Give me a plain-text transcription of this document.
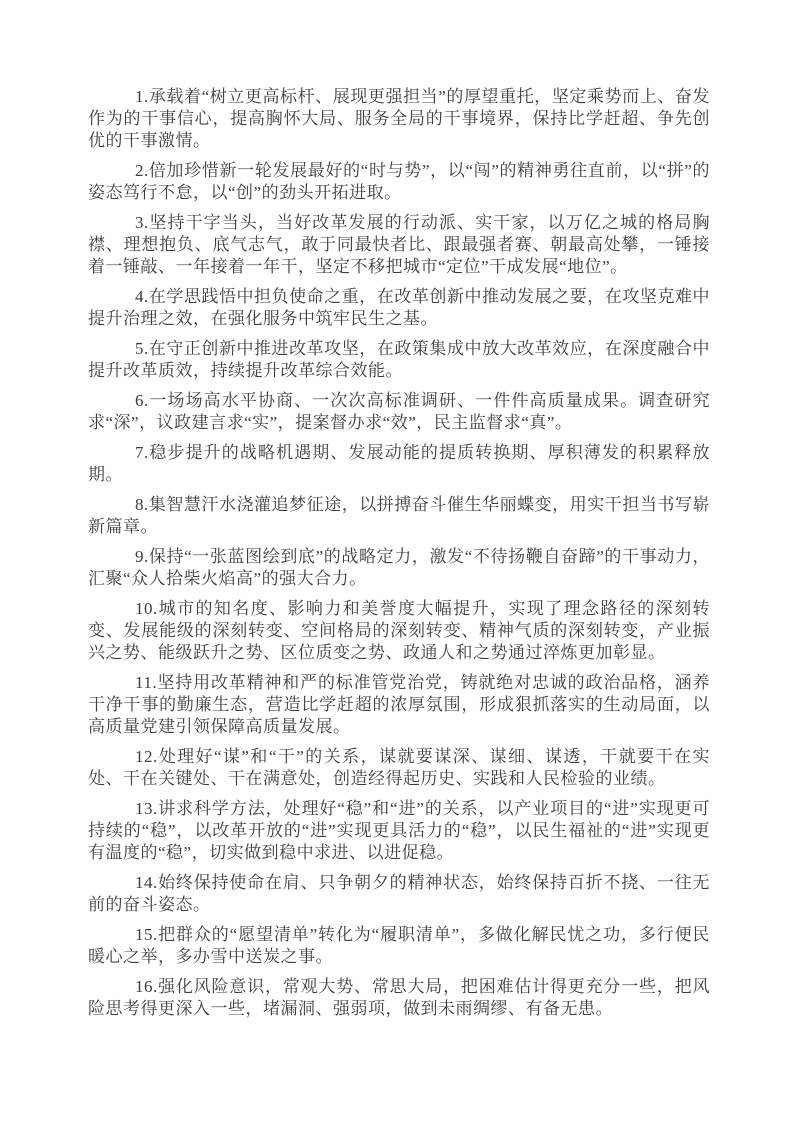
1.承载着“树立更高标杆、展现更强担当”的厚望重托，坚定乘势而上、奋发作为的干事信心，提高胸怀大局、服务全局的干事境界，保持比学赶超、争先创优的干事激情。

2.倍加珍惜新一轮发展最好的“时与势”，以“闯”的精神勇往直前，以“拼”的姿态笃行不怠，以“创”的劲头开拓进取。

3.坚持干字当头，当好改革发展的行动派、实干家，以万亿之城的格局胸襟、理想抱负、底气志气，敢于同最快者比、跟最强者赛、朝最高处攀，一锤接着一锤敲、一年接着一年干，坚定不移把城市“定位”干成发展“地位”。

4.在学思践悟中担负使命之重，在改革创新中推动发展之要，在攻坚克难中提升治理之效，在强化服务中筑牢民生之基。

5.在守正创新中推进改革攻坚，在政策集成中放大改革效应，在深度融合中提升改革质效，持续提升改革综合效能。

6.一场场高水平协商、一次次高标准调研、一件件高质量成果。调查研究求“深”，议政建言求“实”，提案督办求“效”，民主监督求“真”。

7.稳步提升的战略机遇期、发展动能的提质转换期、厚积薄发的积累释放期。

8.集智慧汗水浇灌追梦征途，以拼搏奋斗催生华丽蝶变，用实干担当书写崭新篇章。

9.保持“一张蓝图绘到底”的战略定力，激发“不待扬鞭自奋蹄”的干事动力，汇聚“众人拾柴火焰高”的强大合力。

10.城市的知名度、影响力和美誉度大幅提升，实现了理念路径的深刻转变、发展能级的深刻转变、空间格局的深刻转变、精神气质的深刻转变，产业振兴之势、能级跃升之势、区位质变之势、政通人和之势通过淬炼更加彰显。

11.坚持用改革精神和严的标准管党治党，铸就绝对忠诚的政治品格，涵养干净干事的勤廉生态，营造比学赶超的浓厚氛围，形成狠抓落实的生动局面，以高质量党建引领保障高质量发展。

12.处理好“谋”和“干”的关系，谋就要谋深、谋细、谋透，干就要干在实处、干在关键处、干在满意处，创造经得起历史、实践和人民检验的业绩。

13.讲求科学方法，处理好“稳”和“进”的关系，以产业项目的“进”实现更可持续的“稳”，以改革开放的“进”实现更具活力的“稳”，以民生福祉的“进”实现更有温度的“稳”，切实做到稳中求进、以进促稳。

14.始终保持使命在肩、只争朝夕的精神状态，始终保持百折不挠、一往无前的奋斗姿态。

15.把群众的“愿望清单”转化为“履职清单”，多做化解民忧之功，多行便民暖心之举，多办雪中送炭之事。

16.强化风险意识，常观大势、常思大局，把困难估计得更充分一些，把风险思考得更深入一些，堵漏洞、强弱项，做到未雨绸缪、有备无患。
